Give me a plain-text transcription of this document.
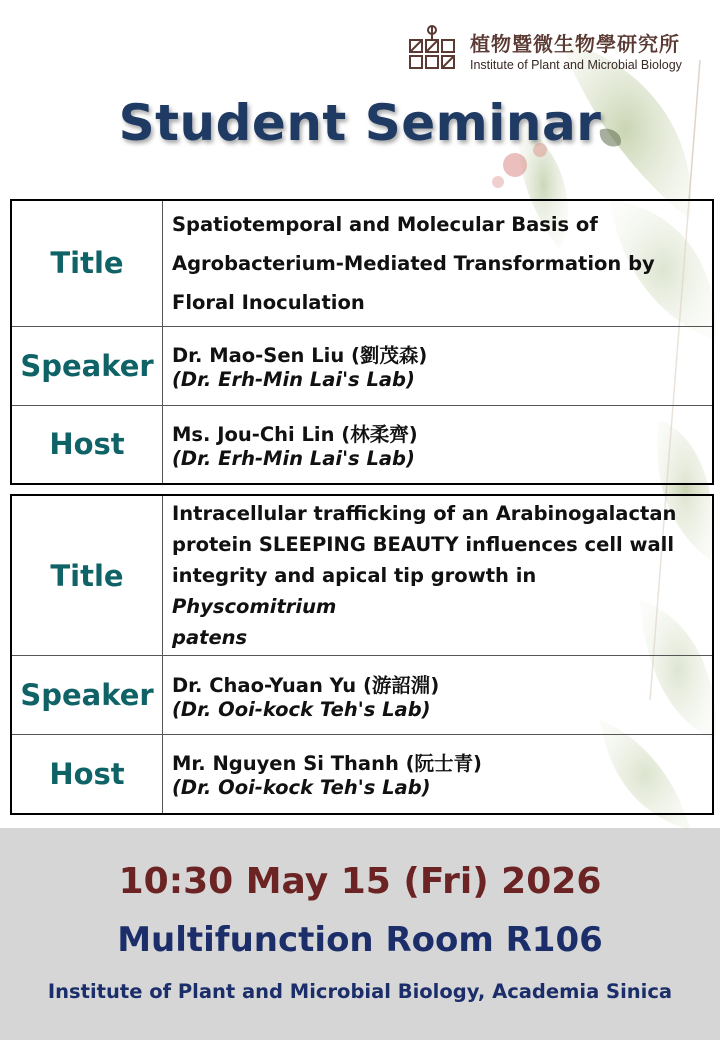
植物暨微生物學研究所
Institute of Plant and Microbial Biology
Student Seminar
Title	Spatiotemporal and Molecular Basis of
Agrobacterium-Mediated Transformation by
Floral Inoculation

Speaker	Dr. Mao-Sen Liu (劉茂森)
(Dr. Erh-Min Lai's Lab)

Host	Ms. Jou-Chi Lin (林柔齊)
(Dr. Erh-Min Lai's Lab)
Title	Intracellular trafficking of an Arabinogalactan
protein SLEEPING BEAUTY influences cell wall
integrity and apical tip growth in Physcomitrium
patens

Speaker	Dr. Chao-Yuan Yu (游詔淵)
(Dr. Ooi-kock Teh's Lab)

Host	Mr. Nguyen Si Thanh (阮士青)
(Dr. Ooi-kock Teh's Lab)
10:30 May 15 (Fri) 2026
Multifunction Room R106
Institute of Plant and Microbial Biology, Academia Sinica
